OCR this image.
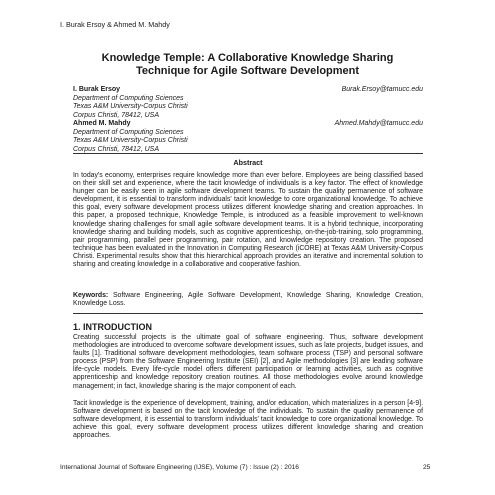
I. Burak Ersoy & Ahmed M. Mahdy
Knowledge Temple: A Collaborative Knowledge Sharing
Technique for Agile Software Development
I. Burak Ersoy	Burak.Ersoy@tamucc.edu
Department of Computing Sciences
Texas A&M University-Corpus Christi
Corpus Christi, 78412, USA
Ahmed M. Mahdy	Ahmed.Mahdy@tamucc.edu
Department of Computing Sciences
Texas A&M University-Corpus Christi
Corpus Christi, 78412, USA
Abstract
In today's economy, enterprises require knowledge more than ever before. Employees are being classified based on their skill set and experience, where the tacit knowledge of individuals is a key factor. The effect of knowledge hunger can be easily seen in agile software development teams. To sustain the quality permanence of software development, it is essential to transform individuals' tacit knowledge to core organizational knowledge. To achieve this goal, every software development process utilizes different knowledge sharing and creation approaches. In this paper, a proposed technique, Knowledge Temple, is introduced as a feasible improvement to well-known knowledge sharing challenges for small agile software development teams. It is a hybrid technique, incorporating knowledge sharing and building models, such as cognitive apprenticeship, on-the-job-training, solo programming, pair programming, parallel peer programming, pair rotation, and knowledge repository creation. The proposed technique has been evaluated in the Innovation in Computing Research (iCORE) at Texas A&M University-Corpus Christi. Experimental results show that this hierarchical approach provides an iterative and incremental solution to sharing and creating knowledge in a collaborative and cooperative fashion.
Keywords: Software Engineering, Agile Software Development, Knowledge Sharing, Knowledge Creation, Knowledge Loss.
1. INTRODUCTION
Creating successful projects is the ultimate goal of software engineering. Thus, software development methodologies are introduced to overcome software development issues, such as late projects, budget issues, and faults [1]. Traditional software development methodologies, team software process (TSP) and personal software process (PSP) from the Software Engineering Institute (SEI) [2], and Agile methodologies [3] are leading software life-cycle models. Every life-cycle model offers different participation or learning activities, such as cognitive apprenticeship and knowledge repository creation routines. All those methodologies evolve around knowledge management; in fact, knowledge sharing is the major component of each.
Tacit knowledge is the experience of development, training, and/or education, which materializes in a person [4-9]. Software development is based on the tacit knowledge of the individuals. To sustain the quality permanence of software development, it is essential to transform individuals' tacit knowledge to core organizational knowledge. To achieve this goal, every software development process utilizes different knowledge sharing and creation approaches.
International Journal of Software Engineering (IJSE), Volume (7) : Issue (2) : 2016	25
